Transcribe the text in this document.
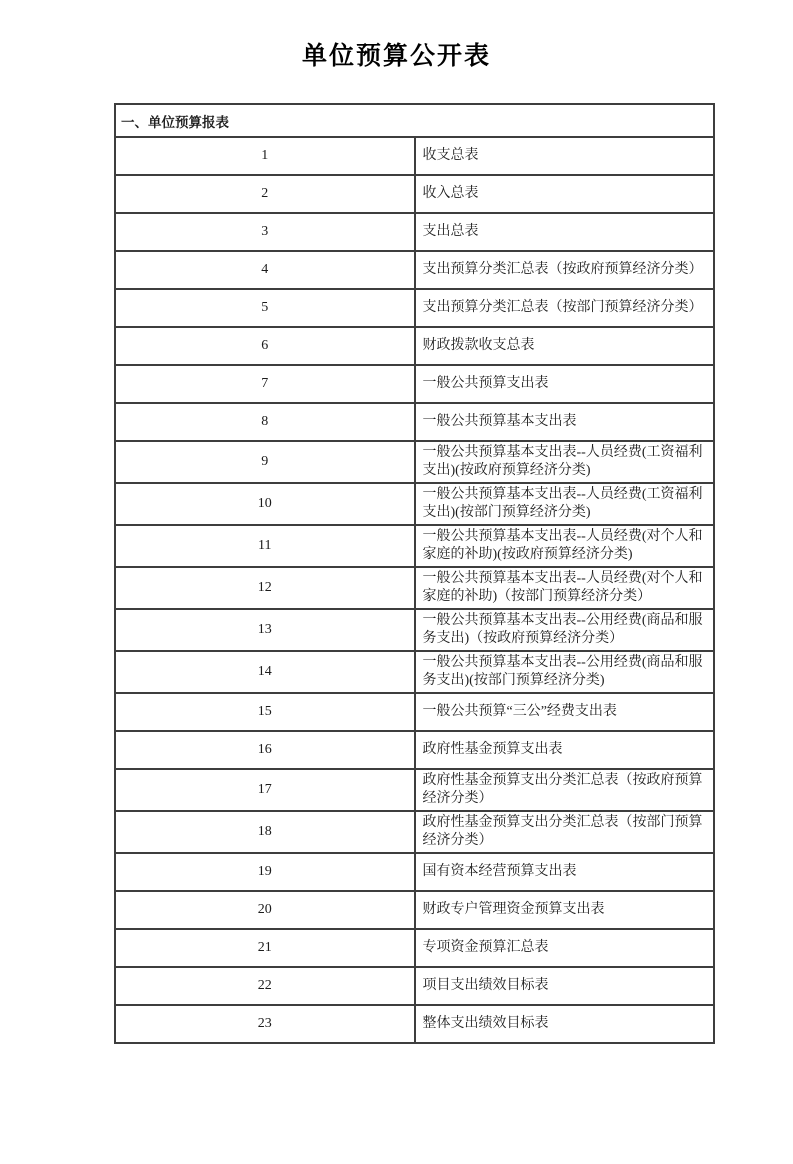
单位预算公开表
一、单位预算报表	
1	收支总表
2	收入总表
3	支出总表
4	支出预算分类汇总表（按政府预算经济分类）
5	支出预算分类汇总表（按部门预算经济分类）
6	财政拨款收支总表
7	一般公共预算支出表
8	一般公共预算基本支出表
9	一般公共预算基本支出表--人员经费(工资福利支出)(按政府预算经济分类)
10	一般公共预算基本支出表--人员经费(工资福利支出)(按部门预算经济分类)
11	一般公共预算基本支出表--人员经费(对个人和家庭的补助)(按政府预算经济分类)
12	一般公共预算基本支出表--人员经费(对个人和家庭的补助)（按部门预算经济分类）
13	一般公共预算基本支出表--公用经费(商品和服务支出)（按政府预算经济分类）
14	一般公共预算基本支出表--公用经费(商品和服务支出)(按部门预算经济分类)
15	一般公共预算“三公”经费支出表
16	政府性基金预算支出表
17	政府性基金预算支出分类汇总表（按政府预算经济分类）
18	政府性基金预算支出分类汇总表（按部门预算经济分类）
19	国有资本经营预算支出表
20	财政专户管理资金预算支出表
21	专项资金预算汇总表
22	项目支出绩效目标表
23	整体支出绩效目标表
